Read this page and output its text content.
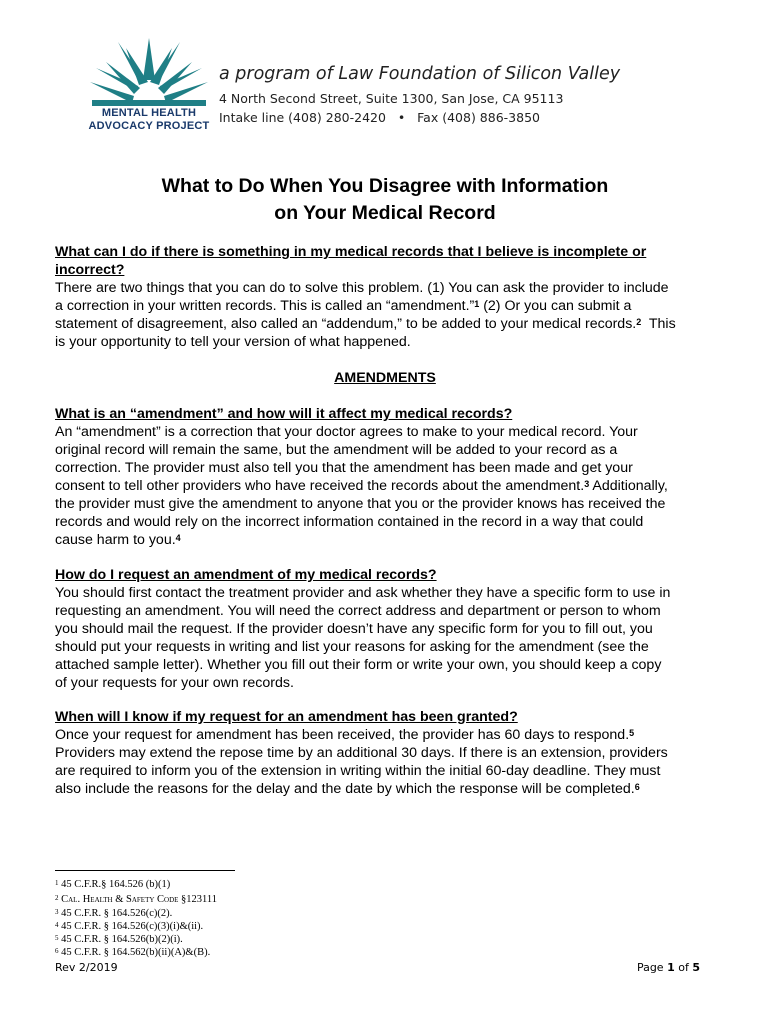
MENTAL HEALTH
ADVOCACY PROJECT
a program of Law Foundation of Silicon Valley
4 North Second Street, Suite 1300, San Jose, CA 95113
Intake line (408) 280-2420   •   Fax (408) 886-3850
What to Do When You Disagree with Information
on Your Medical Record
What can I do if there is something in my medical records that I believe is incomplete or
incorrect?
There are two things that you can do to solve this problem. (1) You can ask the provider to include
a correction in your written records. This is called an “amendment.”$^1$ (2) Or you can submit a
statement of disagreement, also called an “addendum,” to be added to your medical records.$^2$  This
is your opportunity to tell your version of what happened.
AMENDMENTS
What is an “amendment” and how will it affect my medical records?
An “amendment” is a correction that your doctor agrees to make to your medical record. Your
original record will remain the same, but the amendment will be added to your record as a
correction. The provider must also tell you that the amendment has been made and get your
consent to tell other providers who have received the records about the amendment.$^3$ Additionally,
the provider must give the amendment to anyone that you or the provider knows has received the
records and would rely on the incorrect information contained in the record in a way that could
cause harm to you.$^4$
How do I request an amendment of my medical records?
You should first contact the treatment provider and ask whether they have a specific form to use in
requesting an amendment. You will need the correct address and department or person to whom
you should mail the request. If the provider doesn’t have any specific form for you to fill out, you
should put your requests in writing and list your reasons for asking for the amendment (see the
attached sample letter). Whether you fill out their form or write your own, you should keep a copy
of your requests for your own records.
When will I know if my request for an amendment has been granted?
Once your request for amendment has been received, the provider has 60 days to respond.$^5$
Providers may extend the repose time by an additional 30 days. If there is an extension, providers
are required to inform you of the extension in writing within the initial 60-day deadline. They must
also include the reasons for the delay and the date by which the response will be completed.$^6$
$^1$ 45 C.F.R.§ 164.526 (b)(1)
$^2$ Cal. Health & Safety Code §123111
$^3$ 45 C.F.R. § 164.526(c)(2).
$^4$ 45 C.F.R. § 164.526(c)(3)(i)&(ii).
$^5$ 45 C.F.R. § 164.526(b)(2)(i).
$^6$ 45 C.F.R. § 164.562(b)(ii)(A)&(B).
Rev 2/2019	Page 1 of 5
